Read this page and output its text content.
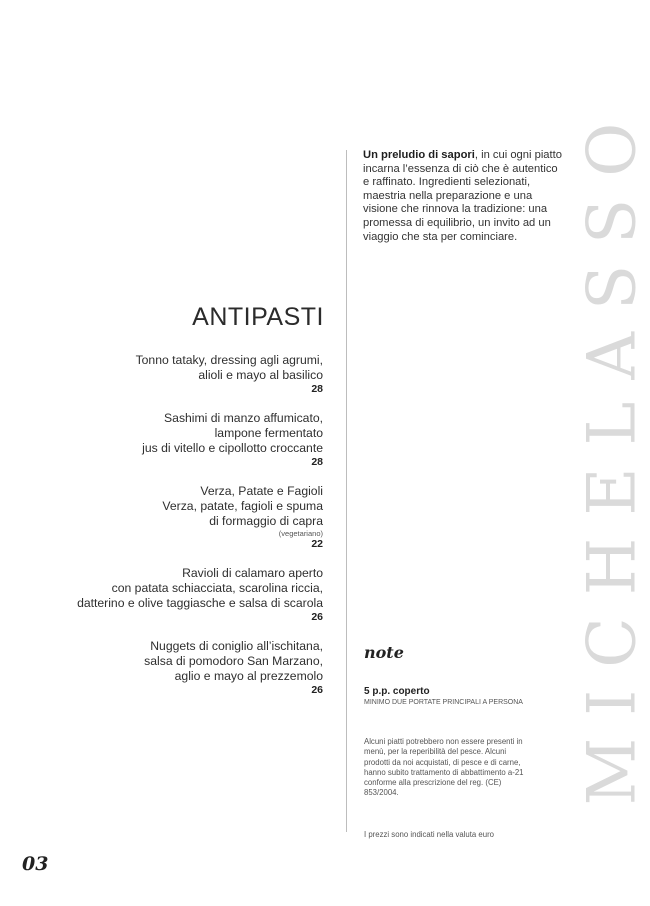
Un preludio di sapori, in cui ogni piatto incarna l’essenza di ciò che è autentico e raffinato. Ingredienti selezionati, maestria nella preparazione e una visione che rinnova la tradizione: una promessa di equilibrio, un invito ad un viaggio che sta per cominciare. MICHELASSO
ANTIPASTI
Tonno tataky, dressing agli agrumi,
alioli e mayo al basilico
28
Sashimi di manzo affumicato,
lampone fermentato
jus di vitello e cipollotto croccante
28
Verza, Patate e Fagioli
Verza, patate, fagioli e spuma
di formaggio di capra
(vegetariano)
22
Ravioli di calamaro aperto
con patata schiacciata, scarolina riccia,
datterino e olive taggiasche e salsa di scarola
26
Nuggets di coniglio all’ischitana,
salsa di pomodoro San Marzano,
aglio e mayo al prezzemolo
26
note
5 p.p. coperto
MINIMO DUE PORTATE PRINCIPALI A PERSONA
Alcuni piatti potrebbero non essere presenti in menù, per la reperibilità del pesce. Alcuni prodotti da noi acquistati, di pesce e di carne, hanno subito trattamento di abbattimento a-21 conforme alla prescrizione del reg. (CE) 853/2004.
I prezzi sono indicati nella valuta euro
03
